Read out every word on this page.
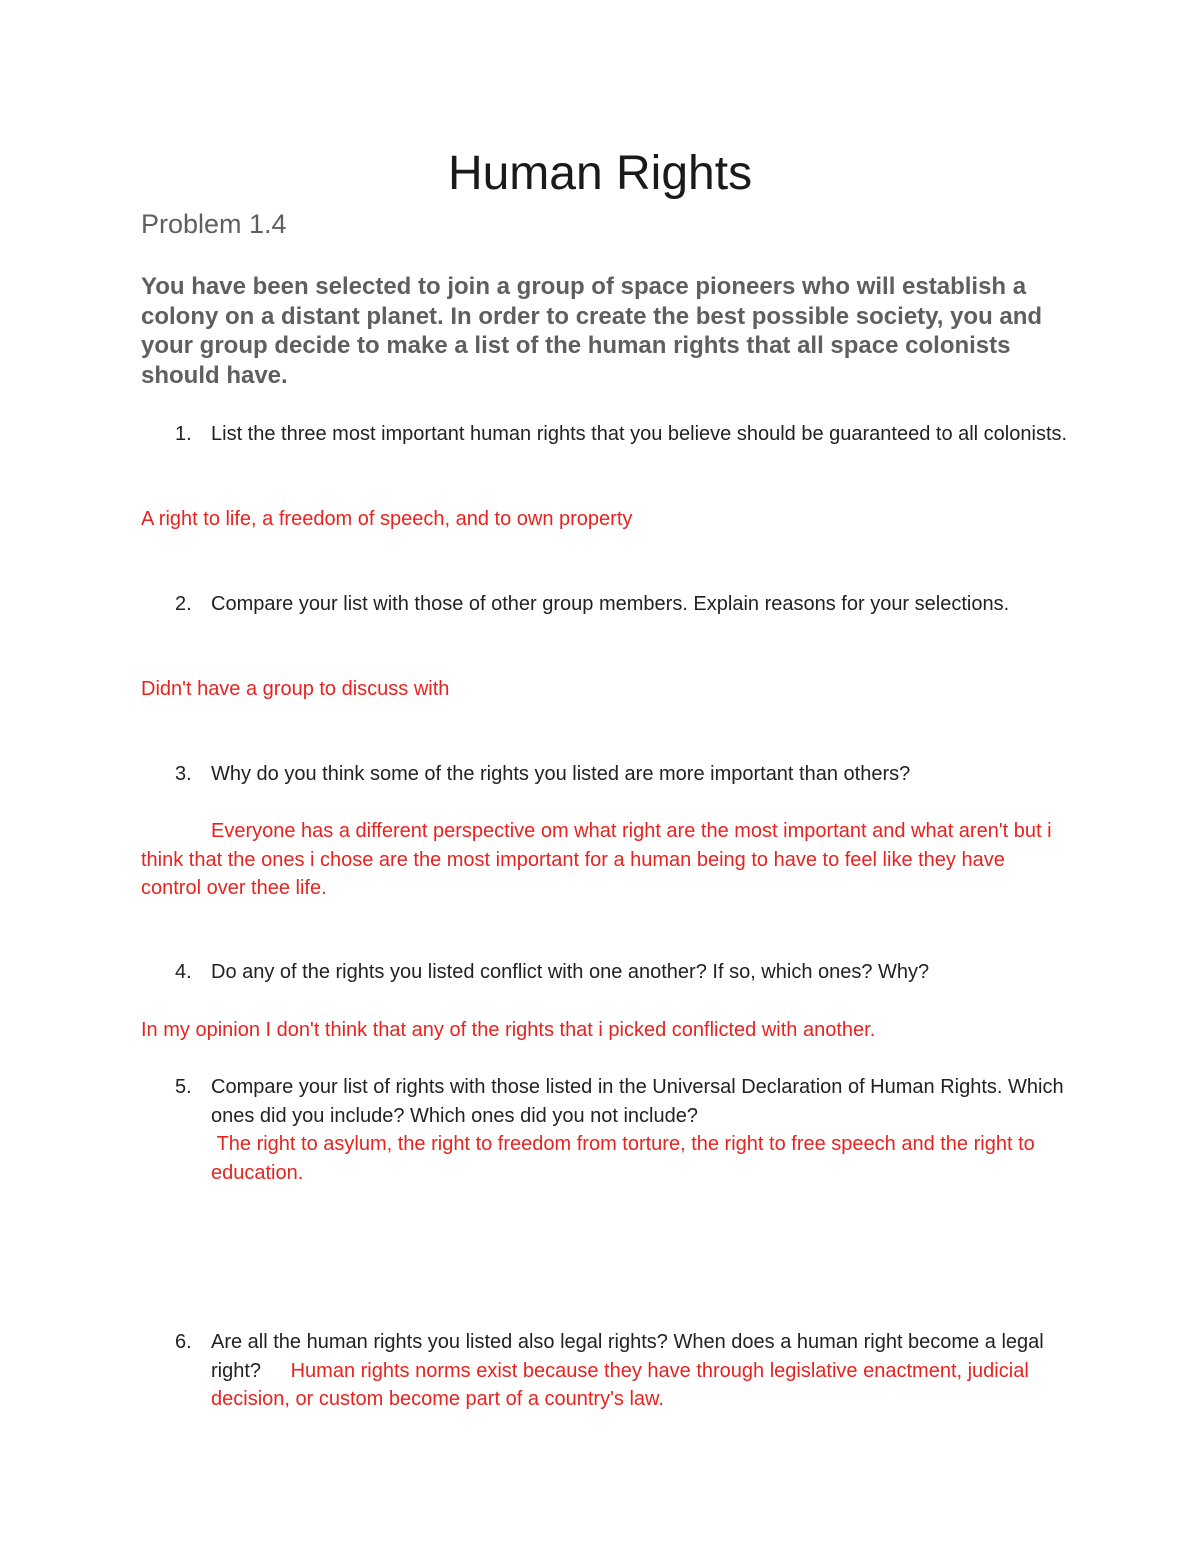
Human Rights
Problem 1.4
You have been selected to join a group of space pioneers who will establish a colony on a distant planet. In order to create the best possible society, you and your group decide to make a list of the human rights that all space colonists should have.
1. List the three most important human rights that you believe should be guaranteed to all colonists.
A right to life, a freedom of speech, and to own property
2. Compare your list with those of other group members. Explain reasons for your selections.
Didn't have a group to discuss with
3. Why do you think some of the rights you listed are more important than others?
Everyone has a different perspective om what right are the most important and what aren't but i think that the ones i chose are the most important for a human being to have to feel like they have control over thee life.
4. Do any of the rights you listed conflict with one another? If so, which ones? Why?
In my opinion I don't think that any of the rights that i picked conflicted with another.
5. Compare your list of rights with those listed in the Universal Declaration of Human Rights. Which ones did you include? Which ones did you not include?
The right to asylum, the right to freedom from torture, the right to free speech and the right to education.
6. Are all the human rights you listed also legal rights? When does a human right become a legal right? Human rights norms exist because they have through legislative enactment, judicial decision, or custom become part of a country's law.
